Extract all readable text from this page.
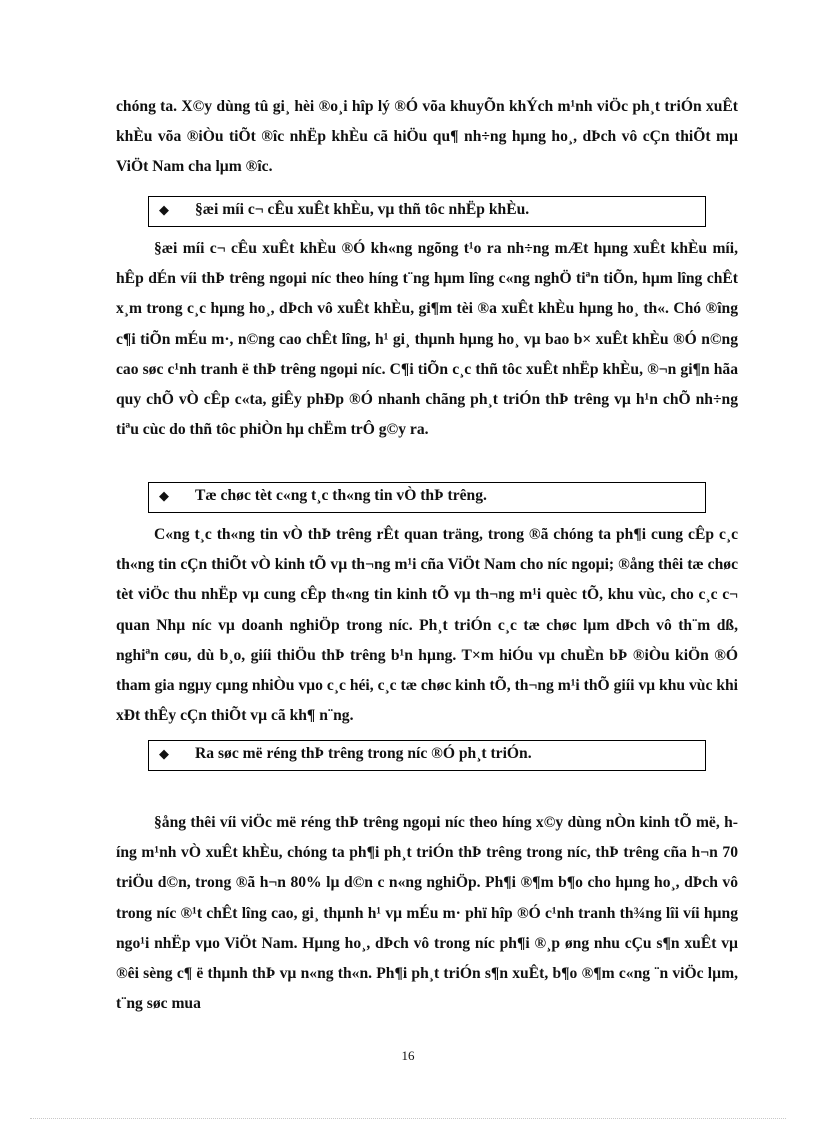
chóng ta. X©y dùng tû gi¸ hèi ®o¸i hîp lý ®Ó võa khuyÕn khÝch m¹nh viÖc ph¸t triÓn xuÊt khÈu võa ®iÒu tiÕt ®îc nhËp khÈu cã hiÖu qu¶ nh÷ng hµng ho¸, dÞch vô cÇn thiÕt mµ ViÖt Nam cha lµm ®îc.

◆ §æi míi c¬ cÊu xuÊt khÈu, vµ thñ tôc nhËp khÈu.

§æi míi c¬ cÊu xuÊt khÈu ®Ó kh«ng ngõng t¹o ra nh÷ng mÆt hµng xuÊt khÈu míi, hÊp dÉn víi thÞ trêng ngoµi níc theo híng t¨ng hµm lîng c«ng nghÖ tiªn tiÕn, hµm lîng chÊt x¸m trong c¸c hµng ho¸, dÞch vô xuÊt khÈu, gi¶m tèi ®a xuÊt khÈu hµng ho¸ th«. Chó ®îng c¶i tiÕn mÉu m·, n©ng cao chÊt lîng, h¹ gi¸ thµnh hµng ho¸ vµ bao b× xuÊt khÈu ®Ó n©ng cao søc c¹nh tranh ë thÞ trêng ngoµi níc. C¶i tiÕn c¸c thñ tôc xuÊt nhËp khÈu, ®¬n gi¶n hãa quy chÕ vÒ cÊp c«ta, giÊy phÐp ®Ó nhanh chãng ph¸t triÓn thÞ trêng vµ h¹n chÕ nh÷ng tiªu cùc do thñ tôc phiÒn hµ chËm trÔ g©y ra.

◆ Tæ chøc tèt c«ng t¸c th«ng tin vÒ thÞ trêng.

C«ng t¸c th«ng tin vÒ thÞ trêng rÊt quan träng, trong ®ã chóng ta ph¶i cung cÊp c¸c th«ng tin cÇn thiÕt vÒ kinh tÕ vµ th¬ng m¹i cña ViÖt Nam cho níc ngoµi; ®ång thêi tæ chøc tèt viÖc thu nhËp vµ cung cÊp th«ng tin kinh tÕ vµ th¬ng m¹i quèc tÕ, khu vùc, cho c¸c c¬ quan Nhµ níc vµ doanh nghiÖp trong níc. Ph¸t triÓn c¸c tæ chøc lµm dÞch vô th¨m dß, nghiªn cøu, dù b¸o, giíi thiÖu thÞ trêng b¹n hµng. T×m hiÓu vµ chuÈn bÞ ®iÒu kiÖn ®Ó tham gia ngµy cµng nhiÒu vµo c¸c héi, c¸c tæ chøc kinh tÕ, th¬ng m¹i thÕ giíi vµ khu vùc khi xÐt thÊy cÇn thiÕt vµ cã kh¶ n¨ng.

◆ Ra søc më réng thÞ trêng trong níc ®Ó ph¸t triÓn.

§ång thêi víi viÖc më réng thÞ trêng ngoµi níc theo híng x©y dùng nÒn kinh tÕ më, híng m¹nh vÒ xuÊt khÈu, chóng ta ph¶i ph¸t triÓn thÞ trêng trong níc, thÞ trêng cña h¬n 70 triÖu d©n, trong ®ã h¬n 80% lµ d©n c n«ng nghiÖp. Ph¶i ®¶m b¶o cho hµng ho¸, dÞch vô trong níc ®¹t chÊt lîng cao, gi¸ thµnh h¹ vµ mÉu m· phï hîp ®Ó c¹nh tranh th¾ng lîi víi hµng ngo¹i nhËp vµo ViÖt Nam. Hµng ho¸, dÞch vô trong níc ph¶i ®¸p øng nhu cÇu s¶n xuÊt vµ ®êi sèng c¶ ë thµnh thÞ vµ n«ng th«n. Ph¶i ph¸t triÓn s¶n xuÊt, b¶o ®¶m c«ng ¨n viÖc lµm, t¨ng søc mua

16
